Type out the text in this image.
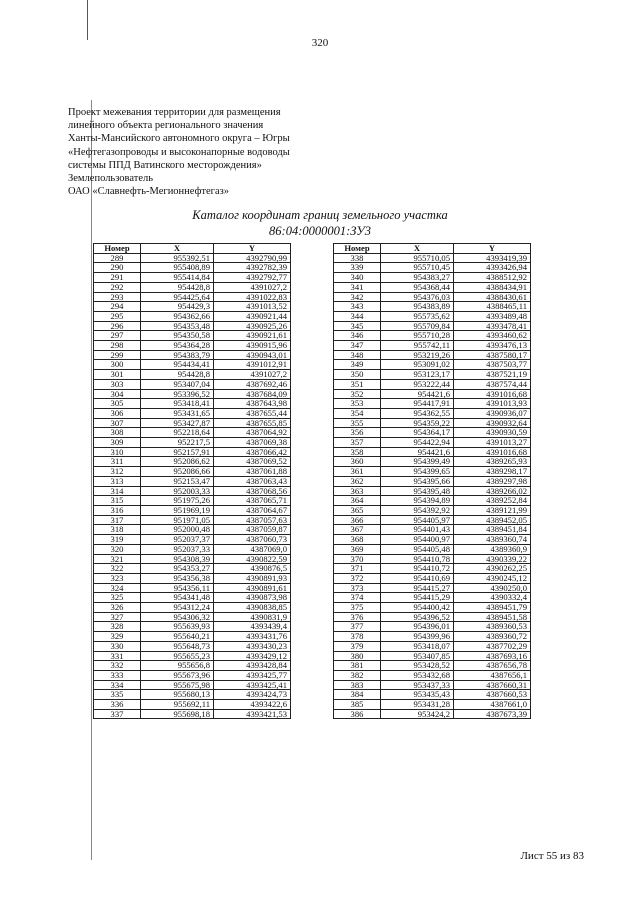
320
Проект межевания территории для размещения
линейного объекта регионального значения
Ханты-Мансийского автономного округа – Югры
«Нефтегазопроводы и высоконапорные водоводы
системы ППД Ватинского месторождения»
Землепользователь
ОАО «Славнефть-Мегионнефтегаз»
Каталог координат границ земельного участка
86:04:0000001:ЗУ3
Номер	X	Y
289	955392,51	4392790,99
290	955408,89	4392782,39
291	955414,84	4392792,77
292	954428,8	4391027,2
293	954425,64	4391022,83
294	954429,3	4391013,52
295	954362,66	4390921,44
296	954353,48	4390925,26
297	954350,58	4390921,61
298	954364,28	4390915,96
299	954383,79	4390943,01
300	954434,41	4391012,91
301	954428,8	4391027,2
303	953407,04	4387692,46
304	953396,52	4387684,09
305	953418,41	4387643,98
306	953431,65	4387655,44
307	953427,87	4387655,85
308	952218,64	4387064,92
309	952217,5	4387069,38
310	952157,91	4387066,42
311	952086,62	4387069,52
312	952086,66	4387061,88
313	952153,47	4387063,43
314	952003,33	4387068,56
315	951975,26	4387065,71
316	951969,19	4387064,67
317	951971,05	4387057,63
318	952000,48	4387059,87
319	952037,37	4387060,73
320	952037,33	4387069,0
321	954308,39	4390822,59
322	954353,27	4390876,5
323	954356,38	4390891,93
324	954356,11	4390891,61
325	954341,48	4390873,98
326	954312,24	4390838,85
327	954306,32	4390831,9
328	955639,93	4393439,4
329	955640,21	4393431,76
330	955648,73	4393430,23
331	955655,23	4393429,12
332	955656,8	4393428,84
333	955673,96	4393425,77
334	955675,98	4393425,41
335	955680,13	4393424,73
336	955692,11	4393422,6
337	955698,18	4393421,53
Номер	X	Y
338	955710,05	4393419,39
339	955710,45	4393426,94
340	954383,27	4388512,92
341	954368,44	4388434,91
342	954376,03	4388430,61
343	954383,89	4388465,11
344	955735,62	4393489,48
345	955709,84	4393478,41
346	955710,28	4393460,62
347	955742,11	4393476,13
348	953219,26	4387580,17
349	953091,02	4387503,77
350	953123,17	4387521,19
351	953222,44	4387574,44
352	954421,6	4391016,68
353	954417,91	4391013,93
354	954362,55	4390936,07
355	954359,22	4390932,64
356	954364,17	4390930,59
357	954422,94	4391013,27
358	954421,6	4391016,68
360	954399,49	4389265,93
361	954399,65	4389298,17
362	954395,66	4389297,98
363	954395,48	4389266,02
364	954394,89	4389252,84
365	954392,92	4389121,99
366	954405,97	4389452,05
367	954401,43	4389451,84
368	954400,97	4389360,74
369	954405,48	4389360,9
370	954410,78	4390339,22
371	954410,72	4390262,25
372	954410,69	4390245,12
373	954415,27	4390250,0
374	954415,29	4390332,4
375	954400,42	4389451,79
376	954396,52	4389451,58
377	954396,01	4389360,53
378	954399,96	4389360,72
379	953418,07	4387702,29
380	953407,85	4387693,16
381	953428,52	4387656,78
382	953432,68	4387656,1
383	953437,33	4387660,31
384	953435,43	4387660,53
385	953431,28	4387661,0
386	953424,2	4387673,39
Лист 55 из 83
